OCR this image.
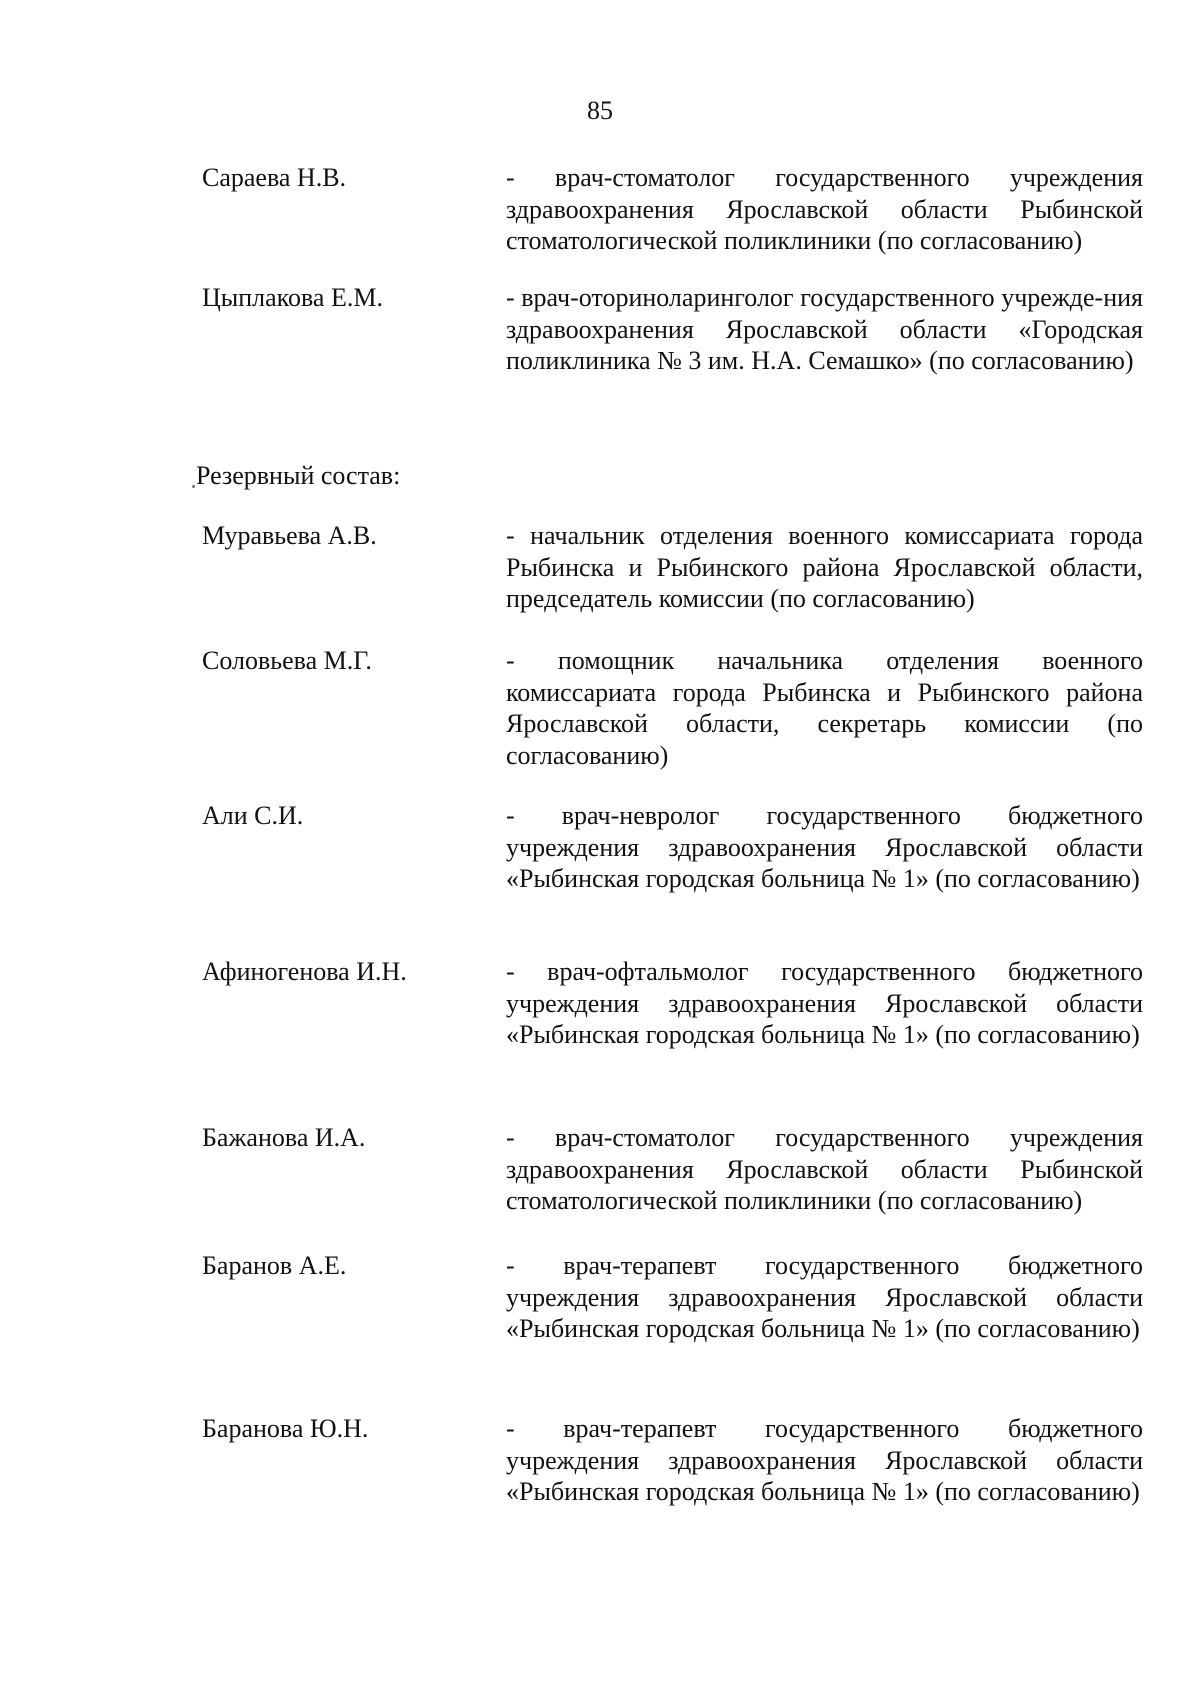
85
Сараева Н.В.	- врач-стоматолог государственного учреждения здравоохранения Ярославской области Рыбинской стоматологической поликлиники (по согласованию)

Цыплакова Е.М.	- врач-оториноларинголог государственного учрежде-ния здравоохранения Ярославской области «Городская поликлиника № 3 им. Н.А. Семашко» (по согласованию)

Резервный состав:
Муравьева А.В.	- начальник отделения военного комиссариата города Рыбинска и Рыбинского района Ярославской области, председатель комиссии (по согласованию)

Соловьева М.Г.	- помощник начальника отделения военного комиссариата города Рыбинска и Рыбинского района Ярославской области, секретарь комиссии (по согласованию)

Али С.И.	- врач-невролог государственного бюджетного учреждения здравоохранения Ярославской области «Рыбинская городская больница № 1» (по согласованию)

Афиногенова И.Н.	- врач-офтальмолог государственного бюджетного учреждения здравоохранения Ярославской области «Рыбинская городская больница № 1» (по согласованию)

Бажанова И.А.	- врач-стоматолог государственного учреждения здравоохранения Ярославской области Рыбинской стоматологической поликлиники (по согласованию)

Баранов А.Е.	- врач-терапевт государственного бюджетного учреждения здравоохранения Ярославской области «Рыбинская городская больница № 1» (по согласованию)

Баранова Ю.Н.	- врач-терапевт государственного бюджетного учреждения здравоохранения Ярославской области «Рыбинская городская больница № 1» (по согласованию)
